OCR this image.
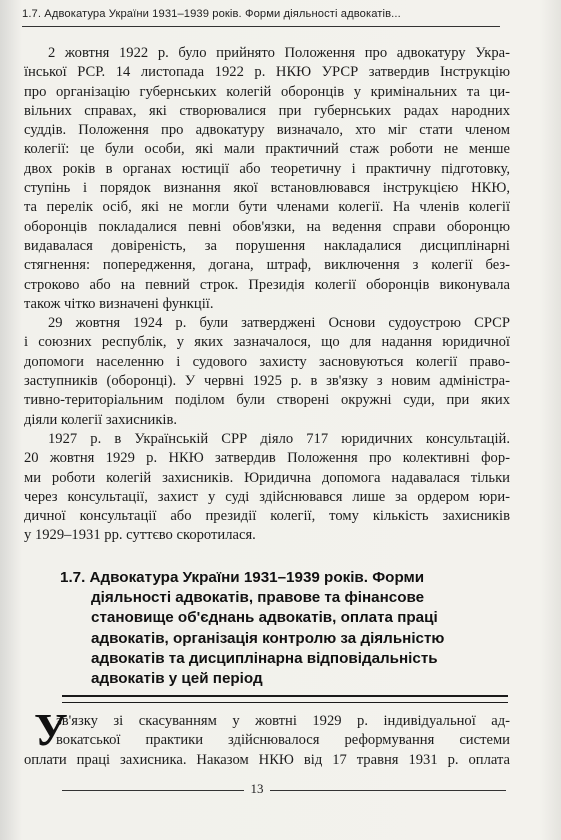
1.7. Адвокатура України 1931–1939 років. Форми діяльності адвокатів...
2 жовтня 1922 р. було прийнято Положення про адвокатуру Укра-
їнської РСР. 14 листопада 1922 р. НКЮ УРСР затвердив Інструкцію
про організацію губернських колегій оборонців у кримінальних та ци-
вільних справах, які створювалися при губернських радах народних
суддів. Положення про адвокатуру визначало, хто міг стати членом
колегії: це були особи, які мали практичний стаж роботи не менше
двох років в органах юстиції або теоретичну і практичну підготовку,
ступінь і порядок визнання якої встановлювався інструкцією НКЮ,
та перелік осіб, які не могли бути членами колегії. На членів колегії
оборонців покладалися певні обов'язки, на ведення справи оборонцю
видавалася довіреність, за порушення накладалися дисциплінарні
стягнення: попередження, догана, штраф, виключення з колегії без-
строково або на певний строк. Президія колегії оборонців виконувала
також чітко визначені функції.
29 жовтня 1924 р. були затверджені Основи судоустрою СРСР
і союзних республік, у яких зазначалося, що для надання юридичної
допомоги населенню і судового захисту засновуються колегії право-
заступників (оборонці). У червні 1925 р. в зв'язку з новим адміністра-
тивно-територіальним поділом були створені окружні суди, при яких
діяли колегії захисників.
1927 р. в Українській СРР діяло 717 юридичних консультацій.
20 жовтня 1929 р. НКЮ затвердив Положення про колективні фор-
ми роботи колегій захисників. Юридична допомога надавалася тільки
через консультації, захист у суді здійснювався лише за ордером юри-
дичної консультації або президії колегії, тому кількість захисників
у 1929–1931 рр. суттєво скоротилася.
1.7. Адвокатура України 1931–1939 років. Форми
діяльності адвокатів, правове та фінансове
становище об'єднань адвокатів, оплата праці
адвокатів, організація контролю за діяльністю
адвокатів та дисциплінарна відповідальність
адвокатів у цей період
У
зв'язку зі скасуванням у жовтні 1929 р. індивідуальної ад-
вокатської практики здійснювалося реформування системи
оплати праці захисника. Наказом НКЮ від 17 травня 1931 р. оплата
13
